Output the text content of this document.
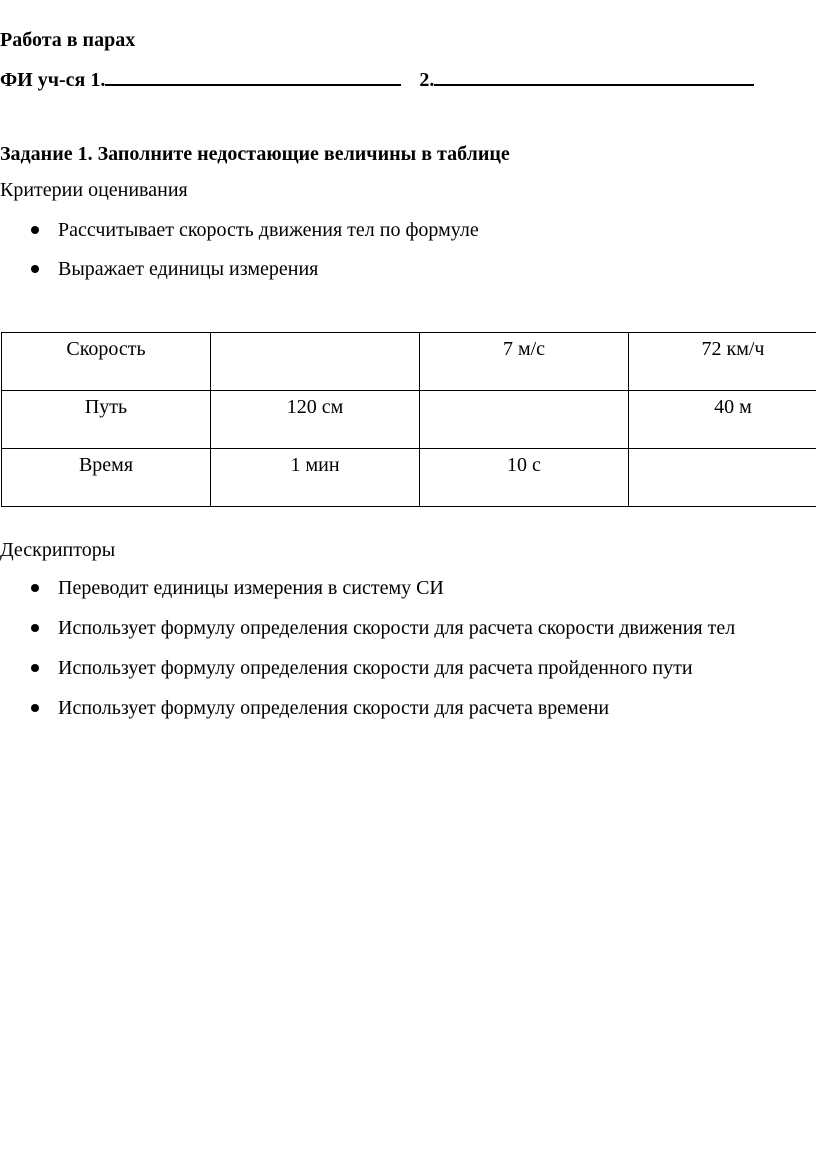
Работа в парах
ФИ уч-ся 1.	2.
Задание 1. Заполните недостающие величины в таблице
Критерии оценивания
Рассчитывает скорость движения тел по формуле
Выражает единицы измерения
Скорость		7 м/с	72 км/ч
Путь	120 см		40 м
Время	1 мин	10 с	
Дескрипторы
Переводит единицы измерения в систему СИ
Использует формулу определения скорости для расчета скорости движения тел
Использует формулу определения скорости для расчета пройденного пути
Использует формулу определения скорости для расчета времени
